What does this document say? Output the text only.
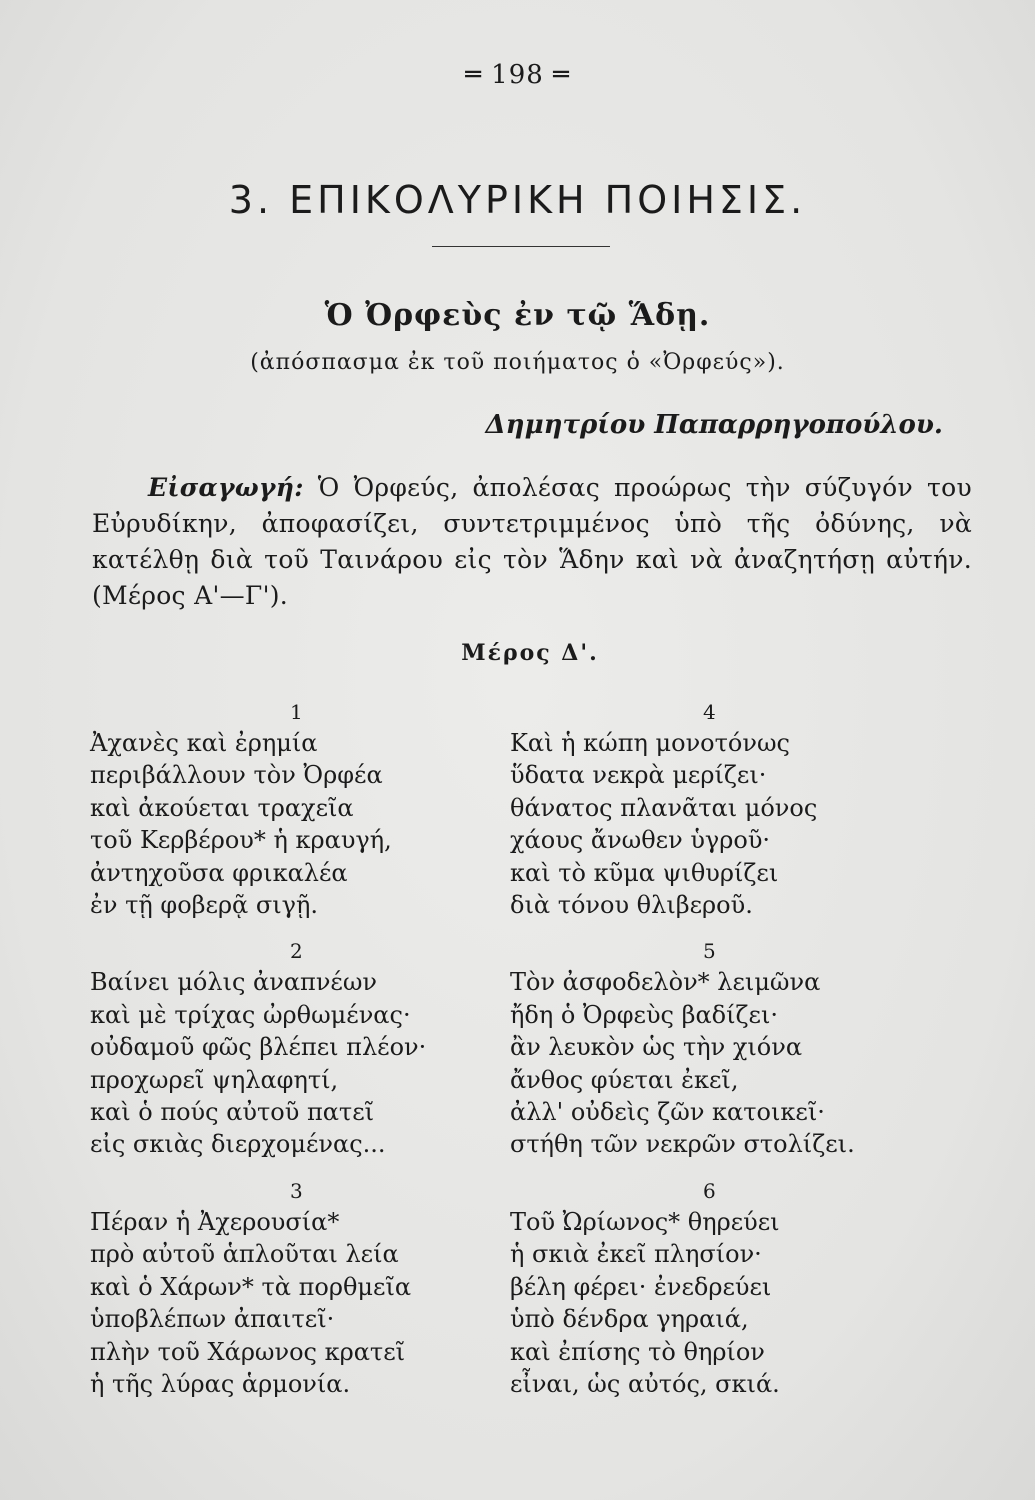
═ 198 ═
3. ΕΠΙΚΟΛΥΡΙΚΗ ΠΟΙΗΣΙΣ.
Ὁ Ὀρφεὺς ἐν τῷ Ἅδῃ.
(ἀπόσπασμα ἐκ τοῦ ποιήματος ὁ «Ὀρφεύς»).
Δημητρίου Παπαρρηγοπούλου.
Εἰσαγωγή: Ὁ Ὀρφεύς, ἀπολέσας προώρως τὴν σύζυγόν του Εὐρυδίκην, ἀποφασίζει, συντετριμμένος ὑπὸ τῆς ὀδύνης, νὰ κατέλθῃ διὰ τοῦ Ταινάρου εἰς τὸν Ἅδην καὶ νὰ ἀναζητήσῃ αὐτήν. (Μέρος Α'—Γ').
Μέρος Δ'.
1
Ἀχανὲς καὶ ἐρημία
περιβάλλουν τὸν Ὀρφέα
καὶ ἀκούεται τραχεῖα
τοῦ Κερβέρου* ἡ κραυγή,
ἀντηχοῦσα φρικαλέα
ἐν τῇ φοβερᾷ σιγῇ.
2
Βαίνει μόλις ἀναπνέων
καὶ μὲ τρίχας ὠρθωμένας·
οὐδαμοῦ φῶς βλέπει πλέον·
προχωρεῖ ψηλαφητί,
καὶ ὁ πούς αὐτοῦ πατεῖ
εἰς σκιὰς διερχομένας...
3
Πέραν ἡ Ἀχερουσία*
πρὸ αὐτοῦ ἁπλοῦται λεία
καὶ ὁ Χάρων* τὰ πορθμεῖα
ὑποβλέπων ἀπαιτεῖ·
πλὴν τοῦ Χάρωνος κρατεῖ
ἡ τῆς λύρας ἁρμονία.
4
Καὶ ἡ κώπη μονοτόνως
ὕδατα νεκρὰ μερίζει·
θάνατος πλανᾶται μόνος
χάους ἄνωθεν ὑγροῦ·
καὶ τὸ κῦμα ψιθυρίζει
διὰ τόνου θλιβεροῦ.
5
Τὸν ἀσφοδελὸν* λειμῶνα
ἤδη ὁ Ὀρφεὺς βαδίζει·
ἂν λευκὸν ὡς τὴν χιόνα
ἄνθος φύεται ἐκεῖ,
ἀλλ' οὐδεὶς ζῶν κατοικεῖ·
στήθη τῶν νεκρῶν στολίζει.
6
Τοῦ Ὠρίωνος* θηρεύει
ἡ σκιὰ ἐκεῖ πλησίον·
βέλη φέρει· ἐνεδρεύει
ὑπὸ δένδρα γηραιά,
καὶ ἐπίσης τὸ θηρίον
εἶναι, ὡς αὐτός, σκιά.
